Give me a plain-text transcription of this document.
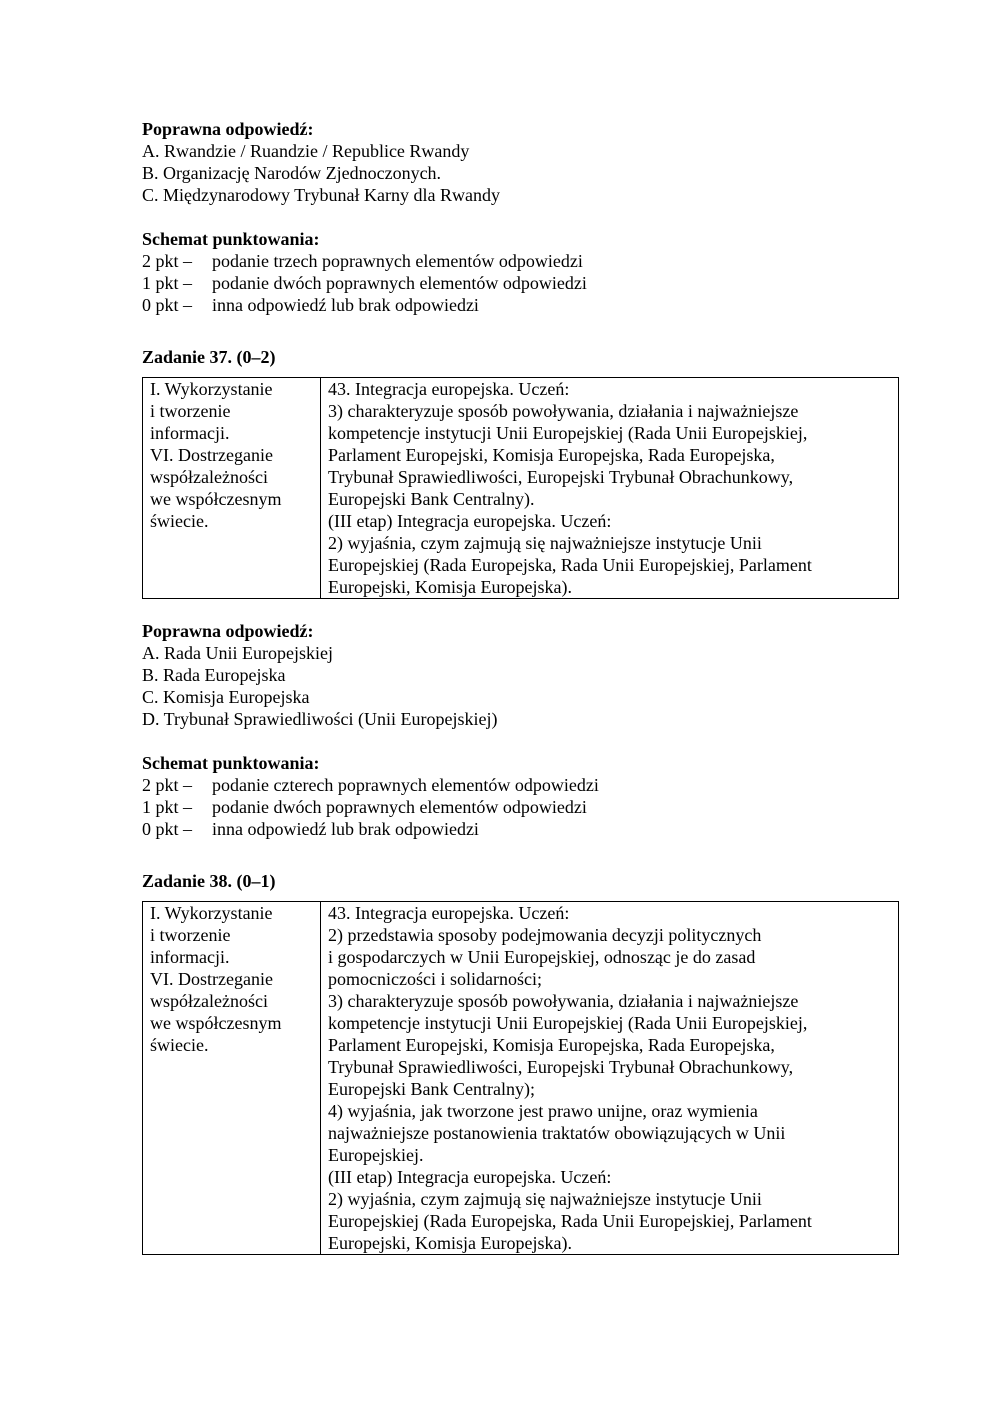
Poprawna odpowiedź:
A. Rwandzie / Ruandzie / Republice Rwandy
B. Organizację Narodów Zjednoczonych.
C. Międzynarodowy Trybunał Karny dla Rwandy
Schemat punktowania:
2 pkt –	podanie trzech poprawnych elementów odpowiedzi
1 pkt –	podanie dwóch poprawnych elementów odpowiedzi
0 pkt –	inna odpowiedź lub brak odpowiedzi
Zadanie 37. (0–2)
I. Wykorzystanie
i tworzenie
informacji.
VI. Dostrzeganie
współzależności
we współczesnym
świecie.

43. Integracja europejska. Uczeń:
3) charakteryzuje sposób powoływania, działania i najważniejsze
kompetencje instytucji Unii Europejskiej (Rada Unii Europejskiej,
Parlament Europejski, Komisja Europejska, Rada Europejska,
Trybunał Sprawiedliwości, Europejski Trybunał Obrachunkowy,
Europejski Bank Centralny).
(III etap) Integracja europejska. Uczeń:
2) wyjaśnia, czym zajmują się najważniejsze instytucje Unii
Europejskiej (Rada Europejska, Rada Unii Europejskiej, Parlament
Europejski, Komisja Europejska).
Poprawna odpowiedź:
A. Rada Unii Europejskiej
B. Rada Europejska
C. Komisja Europejska
D. Trybunał Sprawiedliwości (Unii Europejskiej)
Schemat punktowania:
2 pkt –	podanie czterech poprawnych elementów odpowiedzi
1 pkt –	podanie dwóch poprawnych elementów odpowiedzi
0 pkt –	inna odpowiedź lub brak odpowiedzi
Zadanie 38. (0–1)
I. Wykorzystanie
i tworzenie
informacji.
VI. Dostrzeganie
współzależności
we współczesnym
świecie.

43. Integracja europejska. Uczeń:
2) przedstawia sposoby podejmowania decyzji politycznych
i gospodarczych w Unii Europejskiej, odnosząc je do zasad
pomocniczości i solidarności;
3) charakteryzuje sposób powoływania, działania i najważniejsze
kompetencje instytucji Unii Europejskiej (Rada Unii Europejskiej,
Parlament Europejski, Komisja Europejska, Rada Europejska,
Trybunał Sprawiedliwości, Europejski Trybunał Obrachunkowy,
Europejski Bank Centralny);
4) wyjaśnia, jak tworzone jest prawo unijne, oraz wymienia
najważniejsze postanowienia traktatów obowiązujących w Unii
Europejskiej.
(III etap) Integracja europejska. Uczeń:
2) wyjaśnia, czym zajmują się najważniejsze instytucje Unii
Europejskiej (Rada Europejska, Rada Unii Europejskiej, Parlament
Europejski, Komisja Europejska).
